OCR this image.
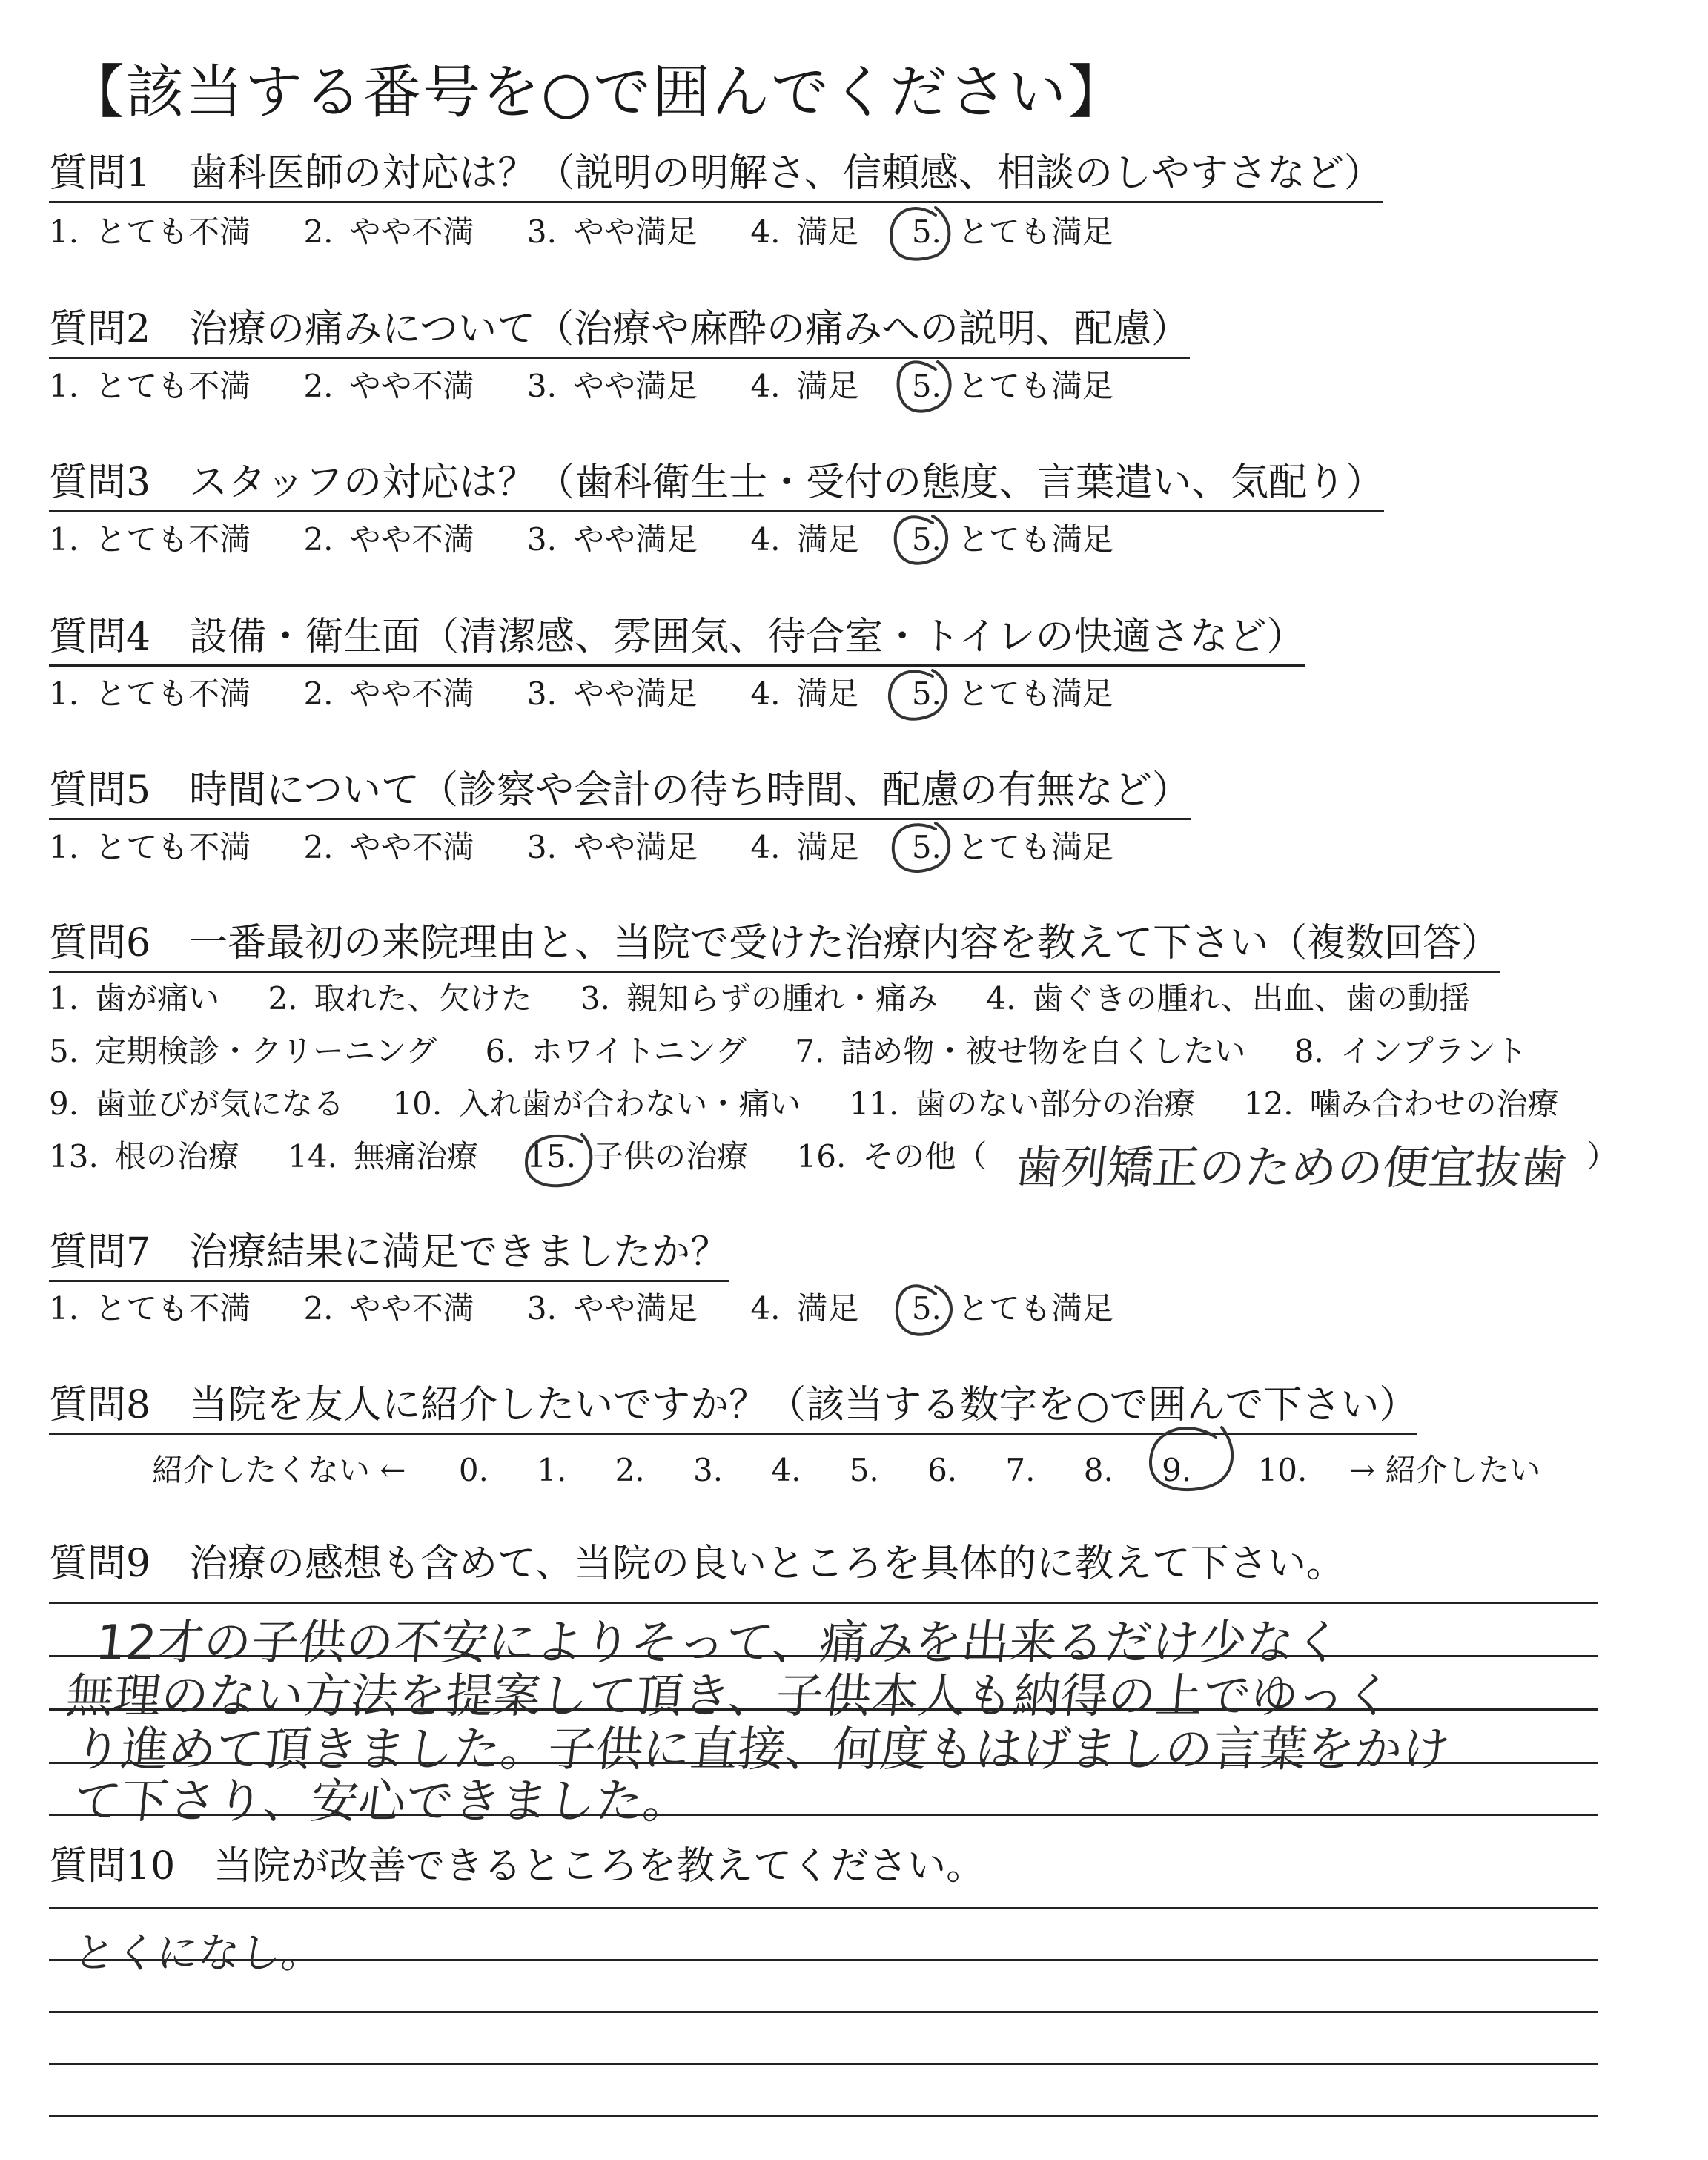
【該当する番号を○で囲んでください】
質問1　歯科医師の対応は？（説明の明解さ、信頼感、相談のしやすさなど）
1. とても不満 2. やや不満 3. やや満足 4. 満足 5. とても満足
質問2　治療の痛みについて（治療や麻酔の痛みへの説明、配慮）
1. とても不満 2. やや不満 3. やや満足 4. 満足 5. とても満足
質問3　スタッフの対応は？（歯科衛生士・受付の態度、言葉遣い、気配り）
1. とても不満 2. やや不満 3. やや満足 4. 満足 5. とても満足
質問4　設備・衛生面（清潔感、雰囲気、待合室・トイレの快適さなど）
1. とても不満 2. やや不満 3. やや満足 4. 満足 5. とても満足
質問5　時間について（診察や会計の待ち時間、配慮の有無など）
1. とても不満 2. やや不満 3. やや満足 4. 満足 5. とても満足
質問6　一番最初の来院理由と、当院で受けた治療内容を教えて下さい（複数回答）
1. 歯が痛い 2. 取れた、欠けた 3. 親知らずの腫れ・痛み 4. 歯ぐきの腫れ、出血、歯の動揺
5. 定期検診・クリーニング 6. ホワイトニング 7. 詰め物・被せ物を白くしたい 8. インプラント
9. 歯並びが気になる 10. 入れ歯が合わない・痛い 11. 歯のない部分の治療 12. 噛み合わせの治療
13. 根の治療 14. 無痛治療 15. 子供の治療 16. その他（ 歯列矯正のための便宜抜歯 ）
質問7　治療結果に満足できましたか？
1. とても不満 2. やや不満 3. やや満足 4. 満足 5. とても満足
質問8　当院を友人に紹介したいですか？（該当する数字を○で囲んで下さい）
紹介したくない ← 0. 1. 2. 3. 4. 5. 6. 7. 8. 9. 10. → 紹介したい
質問9　治療の感想も含めて、当院の良いところを具体的に教えて下さい。
12才の子供の不安によりそって、痛みを出来るだけ少なく
無理のない方法を提案して頂き、子供本人も納得の上でゆっく
り進めて頂きました。子供に直接、何度もはげましの言葉をかけ
て下さり、安心できました。
質問10　当院が改善できるところを教えてください。
とくになし。
